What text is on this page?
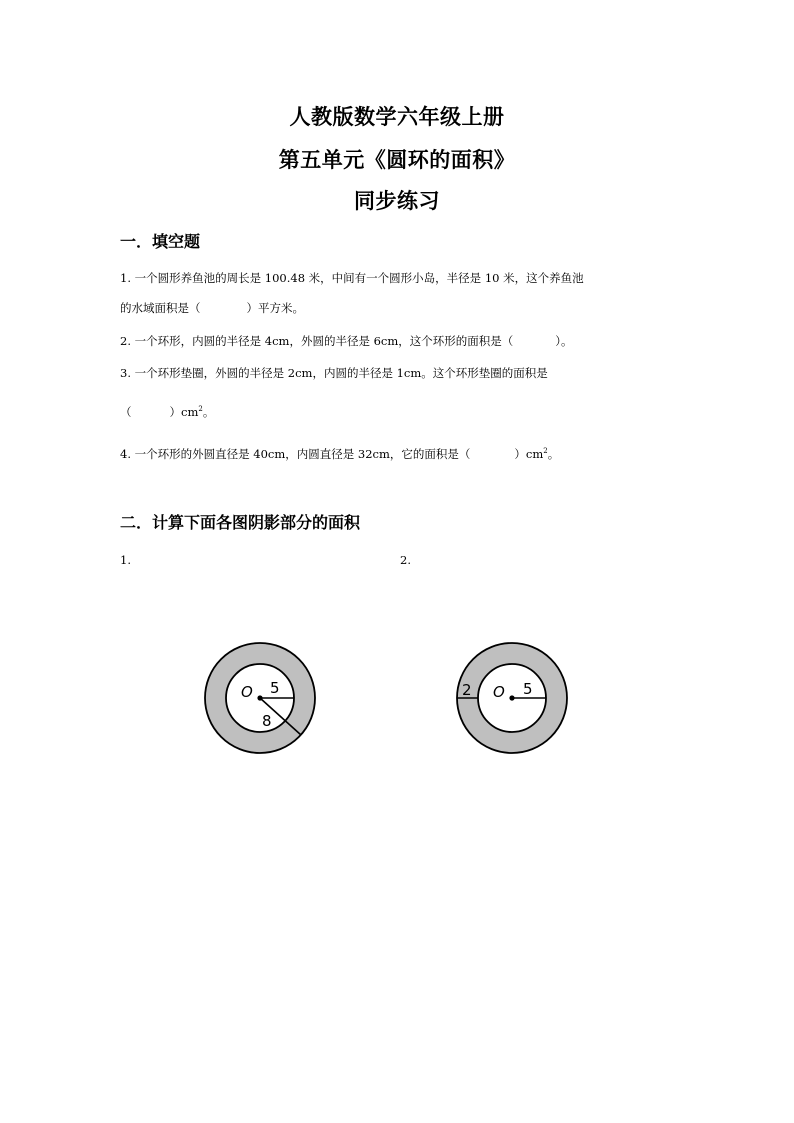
人教版数学六年级上册
第五单元《圆环的面积》
同步练习
一．填空题
1. 一个圆形养鱼池的周长是 100.48 米，中间有一个圆形小岛，半径是 10 米，这个养鱼池
的水域面积是（	）平方米。
2. 一个环形，内圆的半径是 4cm，外圆的半径是 6cm，这个环形的面积是（	）。
3. 一个环形垫圈，外圆的半径是 2cm，内圆的半径是 1cm。这个环形垫圈的面积是
（	）$cm^2$。
4. 一个环形的外圆直径是 40cm，内圆直径是 32cm，它的面积是（	）$cm^2$。
二．计算下面各图阴影部分的面积
1.	2.
O 5
8
O 5
2
